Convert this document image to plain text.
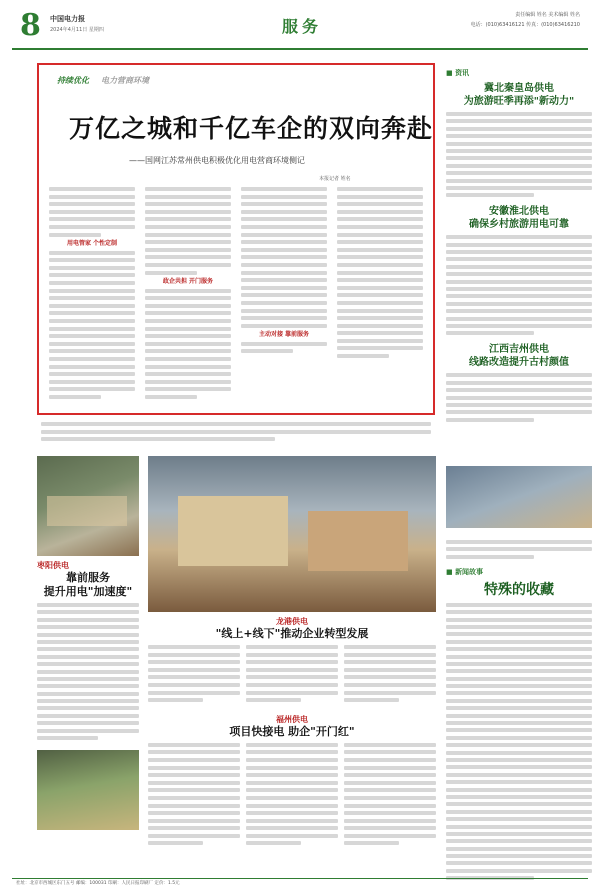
8 中国电力报
2024年4月11日 星期四	服务
责任编辑 姓名 美术编辑 姓名
电话：(010)63416121 传真：(010)63416210
持续优化 电力营商环境
万亿之城和千亿车企的双向奔赴
——国网江苏常州供电积极优化用电营商环境侧记
本报记者 姓名
用电管家 个性定制
政企共担 开门服务
主动对接 靠前服务
■ 资讯
冀北秦皇岛供电
为旅游旺季再添"新动力"
安徽淮北供电
确保乡村旅游用电可靠
江西吉州供电
线路改造提升古村颜值
■ 新闻故事
特殊的收藏
枣阳供电
靠前服务
提升用电"加速度"
龙港供电
"线上+线下"推动企业转型发展
福州供电
项目快接电 助企"开门红"
社址：北京市西城区东门五号 邮编：100031 印刷：人民日报印刷厂 定价：1.5元
